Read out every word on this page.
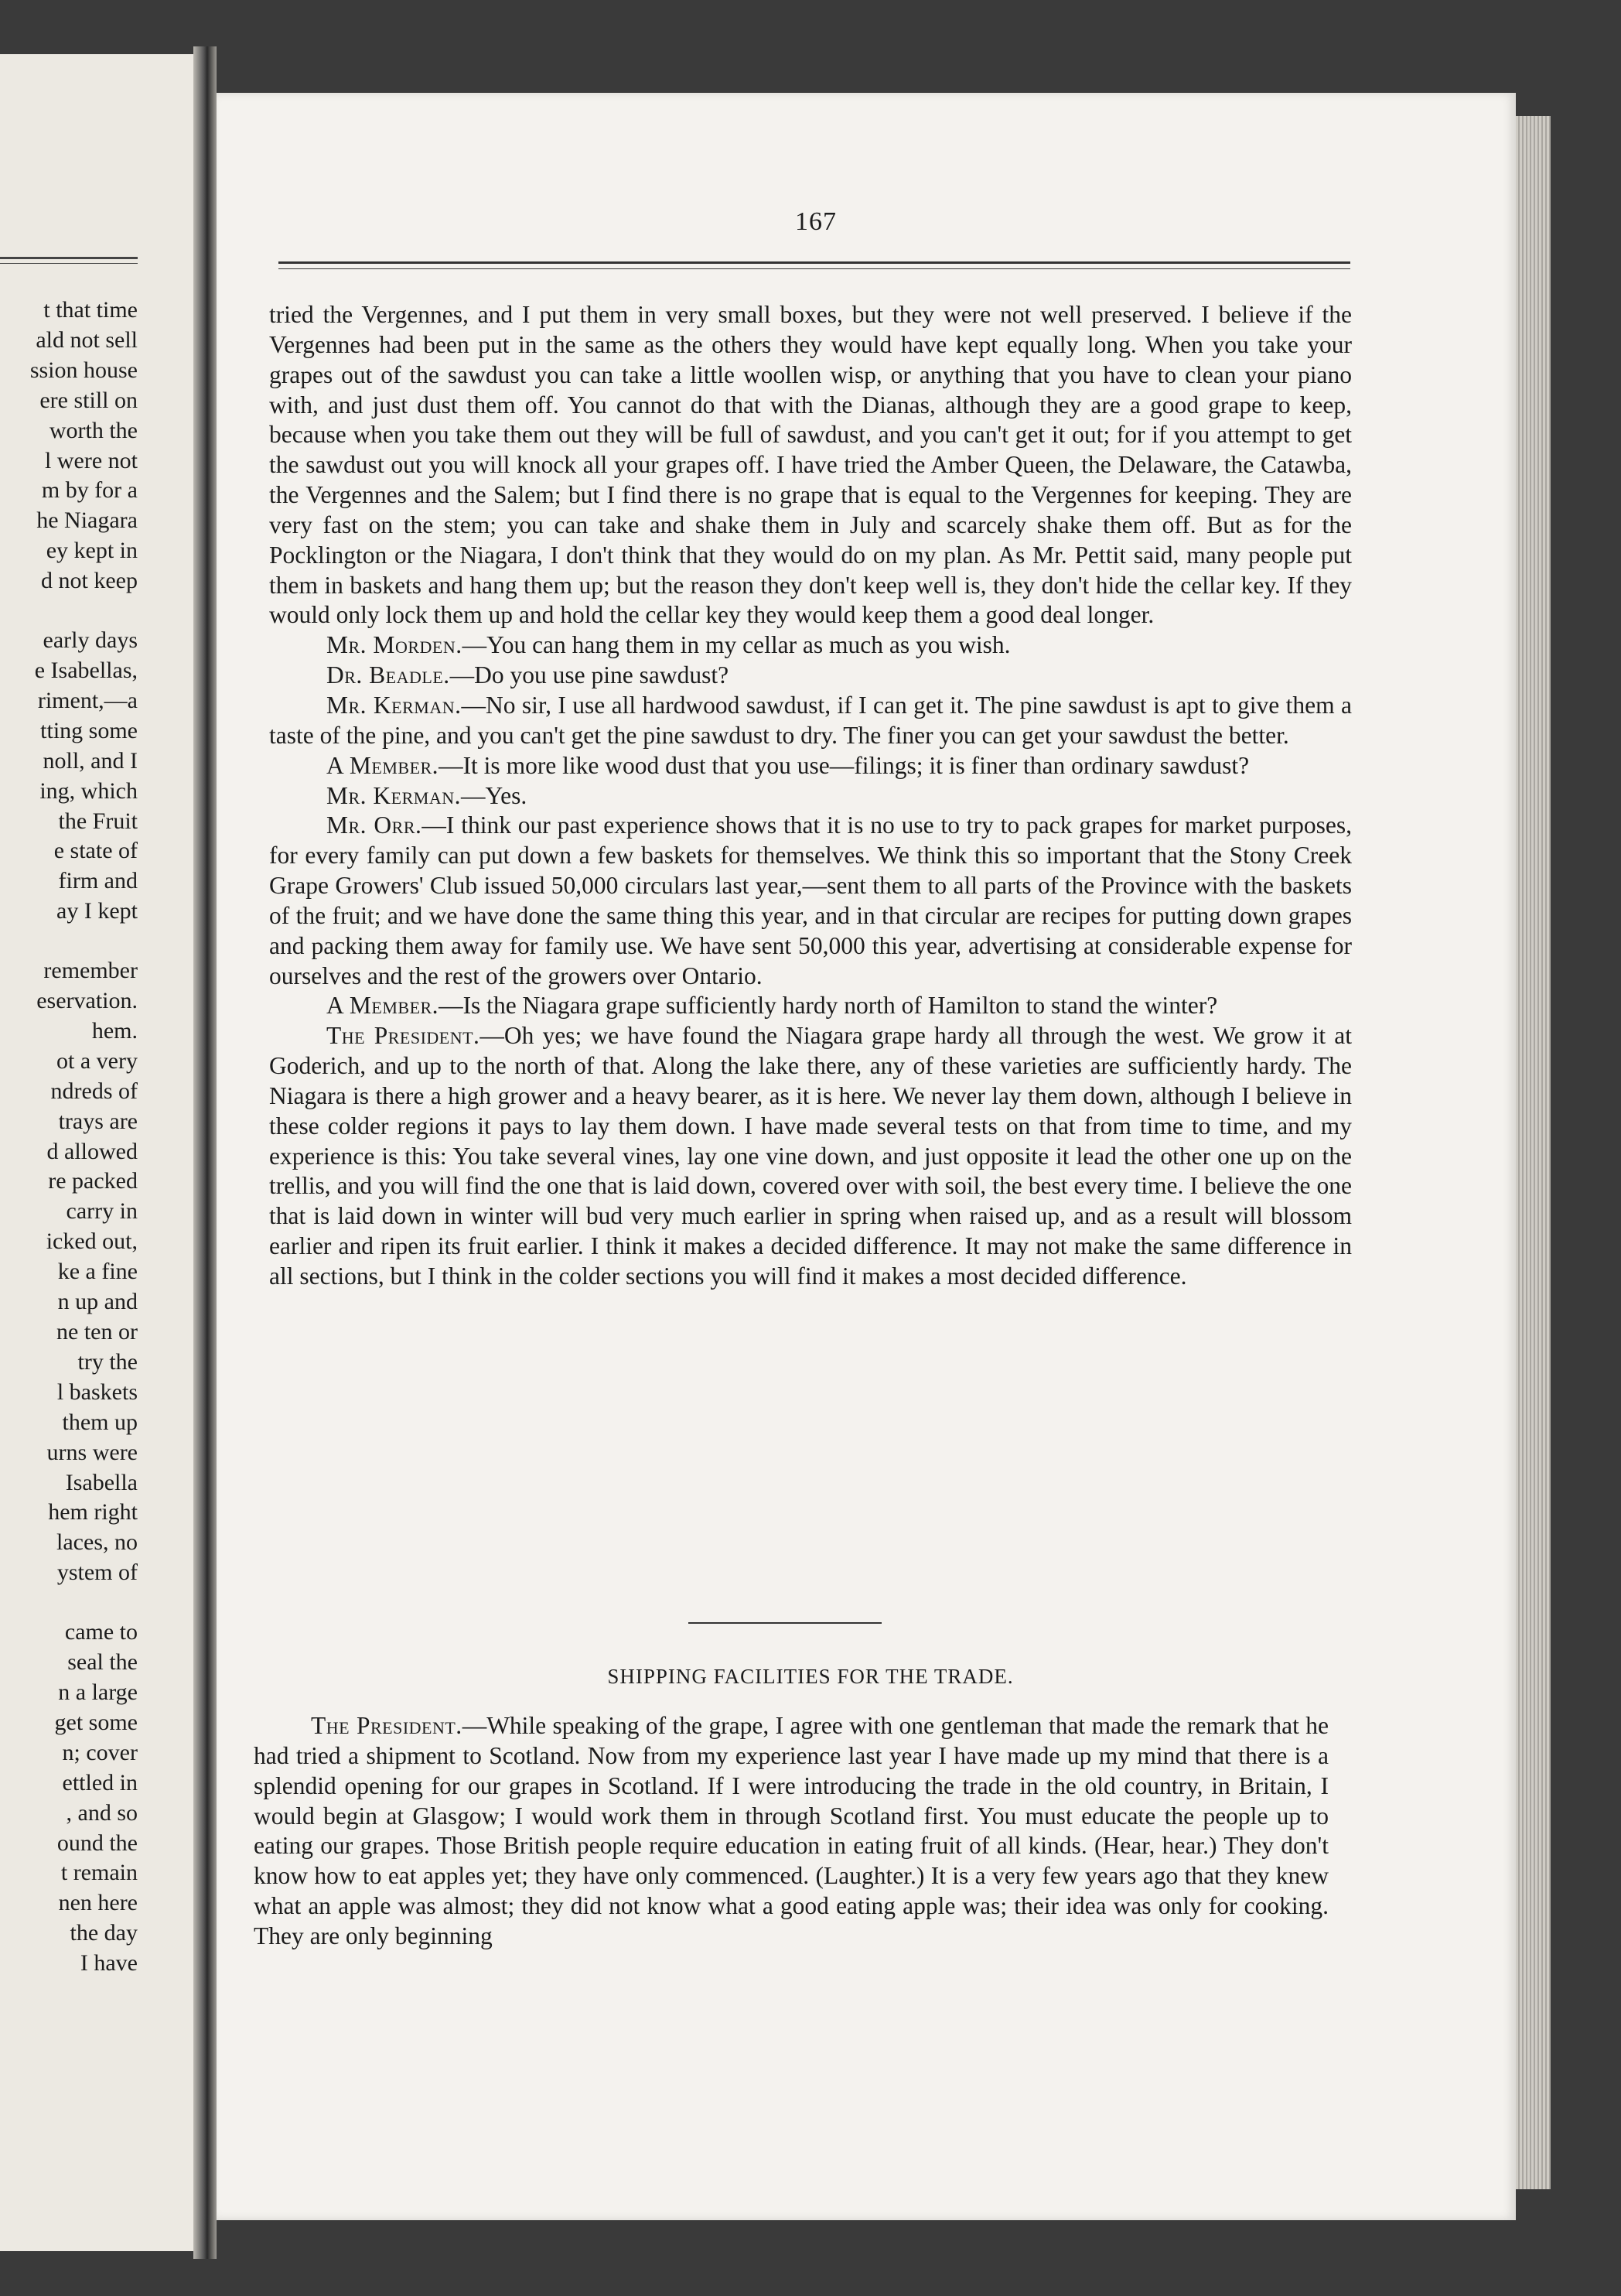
t that time
ald not sell
ssion house
ere still on
worth the
l were not
m by for a
he Niagara
ey kept in
d not keep
early days
e Isabellas,
riment,—a
tting some
noll, and I
ing, which
the Fruit
e state of
firm and
ay I kept
remember
eservation.
hem.
ot a very
ndreds of
trays are
d allowed
re packed
carry in
icked out,
ke a fine
n up and
ne ten or
try the
l baskets
them up
urns were
Isabella
hem right
laces, no
ystem of
came to
seal the
n a large
get some
n; cover
ettled in
, and so
ound the
t remain
nen here
the day
I have
167

tried the Vergennes, and I put them in very small boxes, but they were not well preserved. I believe if the Vergennes had been put in the same as the others they would have kept equally long. When you take your grapes out of the sawdust you can take a little woollen wisp, or anything that you have to clean your piano with, and just dust them off. You cannot do that with the Dianas, although they are a good grape to keep, because when you take them out they will be full of sawdust, and you can't get it out; for if you attempt to get the sawdust out you will knock all your grapes off. I have tried the Amber Queen, the Delaware, the Catawba, the Vergennes and the Salem; but I find there is no grape that is equal to the Vergennes for keeping. They are very fast on the stem; you can take and shake them in July and scarcely shake them off. But as for the Pocklington or the Niagara, I don't think that they would do on my plan. As Mr. Pettit said, many people put them in baskets and hang them up; but the reason they don't keep well is, they don't hide the cellar key. If they would only lock them up and hold the cellar key they would keep them a good deal longer.

Mr. Morden.—You can hang them in my cellar as much as you wish.

Dr. Beadle.—Do you use pine sawdust?

Mr. Kerman.—No sir, I use all hardwood sawdust, if I can get it. The pine sawdust is apt to give them a taste of the pine, and you can't get the pine sawdust to dry. The finer you can get your sawdust the better.

A Member.—It is more like wood dust that you use—filings; it is finer than ordinary sawdust?

Mr. Kerman.—Yes.

Mr. Orr.—I think our past experience shows that it is no use to try to pack grapes for market purposes, for every family can put down a few baskets for themselves. We think this so important that the Stony Creek Grape Growers' Club issued 50,000 circulars last year,—sent them to all parts of the Province with the baskets of the fruit; and we have done the same thing this year, and in that circular are recipes for putting down grapes and packing them away for family use. We have sent 50,000 this year, advertising at considerable expense for ourselves and the rest of the growers over Ontario.

A Member.—Is the Niagara grape sufficiently hardy north of Hamilton to stand the winter?

The President.—Oh yes; we have found the Niagara grape hardy all through the west. We grow it at Goderich, and up to the north of that. Along the lake there, any of these varieties are sufficiently hardy. The Niagara is there a high grower and a heavy bearer, as it is here. We never lay them down, although I believe in these colder regions it pays to lay them down. I have made several tests on that from time to time, and my experience is this: You take several vines, lay one vine down, and just opposite it lead the other one up on the trellis, and you will find the one that is laid down, covered over with soil, the best every time. I believe the one that is laid down in winter will bud very much earlier in spring when raised up, and as a result will blossom earlier and ripen its fruit earlier. I think it makes a decided difference. It may not make the same difference in all sections, but I think in the colder sections you will find it makes a most decided difference.

SHIPPING FACILITIES FOR THE TRADE.

The President.—While speaking of the grape, I agree with one gentleman that made the remark that he had tried a shipment to Scotland. Now from my experience last year I have made up my mind that there is a splendid opening for our grapes in Scotland. If I were introducing the trade in the old country, in Britain, I would begin at Glasgow; I would work them in through Scotland first. You must educate the people up to eating our grapes. Those British people require education in eating fruit of all kinds. (Hear, hear.) They don't know how to eat apples yet; they have only commenced. (Laughter.) It is a very few years ago that they knew what an apple was almost; they did not know what a good eating apple was; their idea was only for cooking. They are only beginning
